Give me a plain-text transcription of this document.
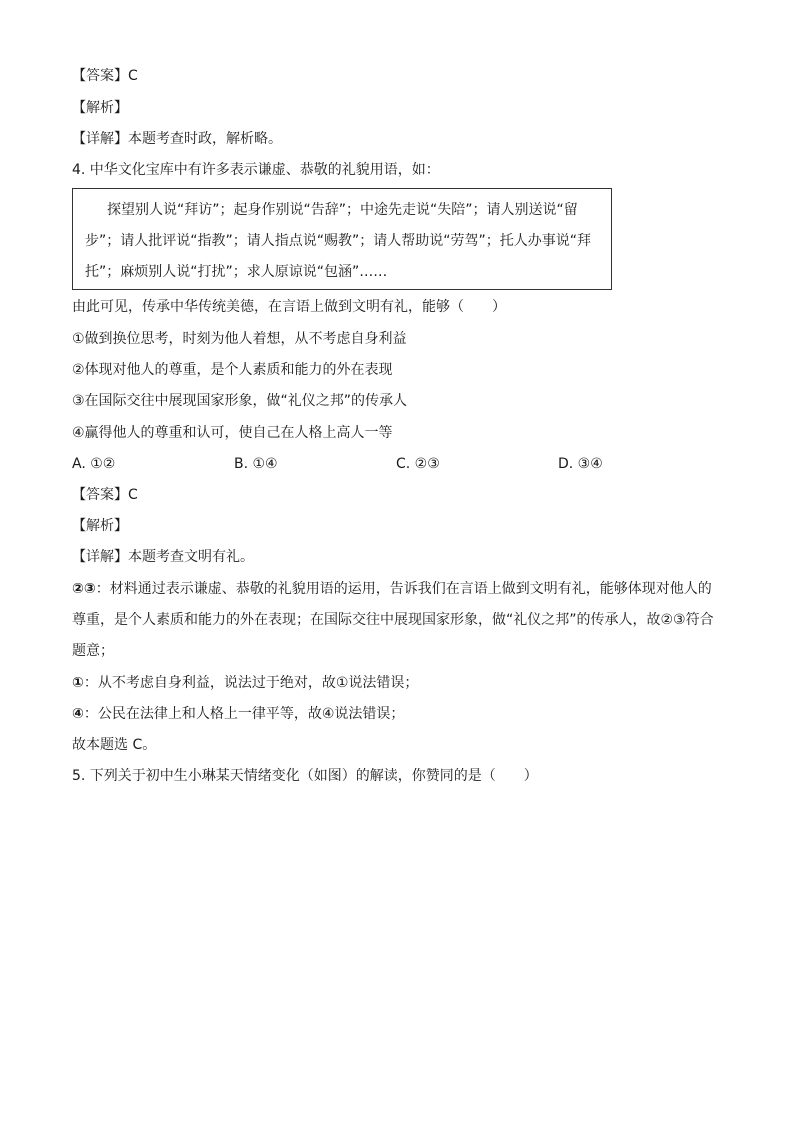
【答案】C
【解析】
【详解】本题考查时政，解析略。
4. 中华文化宝库中有许多表示谦虚、恭敬的礼貌用语，如：
探望别人说“拜访”；起身作别说“告辞”；中途先走说“失陪”；请人别送说“留
步”；请人批评说“指教”；请人指点说“赐教”；请人帮助说“劳驾”；托人办事说“拜
托”；麻烦别人说“打扰”；求人原谅说“包涵”……
由此可见，传承中华传统美德，在言语上做到文明有礼，能够（　　）
①做到换位思考，时刻为他人着想，从不考虑自身利益
②体现对他人的尊重，是个人素质和能力的外在表现
③在国际交往中展现国家形象，做“礼仪之邦”的传承人
④赢得他人的尊重和认可，使自己在人格上高人一等
A. ①②	B. ①④	C. ②③	D. ③④
【答案】C
【解析】
【详解】本题考查文明有礼。
②③：材料通过表示谦虚、恭敬的礼貌用语的运用，告诉我们在言语上做到文明有礼，能够体现对他人的
尊重，是个人素质和能力的外在表现；在国际交往中展现国家形象，做“礼仪之邦”的传承人，故②③符合
题意；
①：从不考虑自身利益，说法过于绝对，故①说法错误；
④：公民在法律上和人格上一律平等，故④说法错误；
故本题选 C。
5. 下列关于初中生小琳某天情绪变化（如图）的解读，你赞同的是（　　）
